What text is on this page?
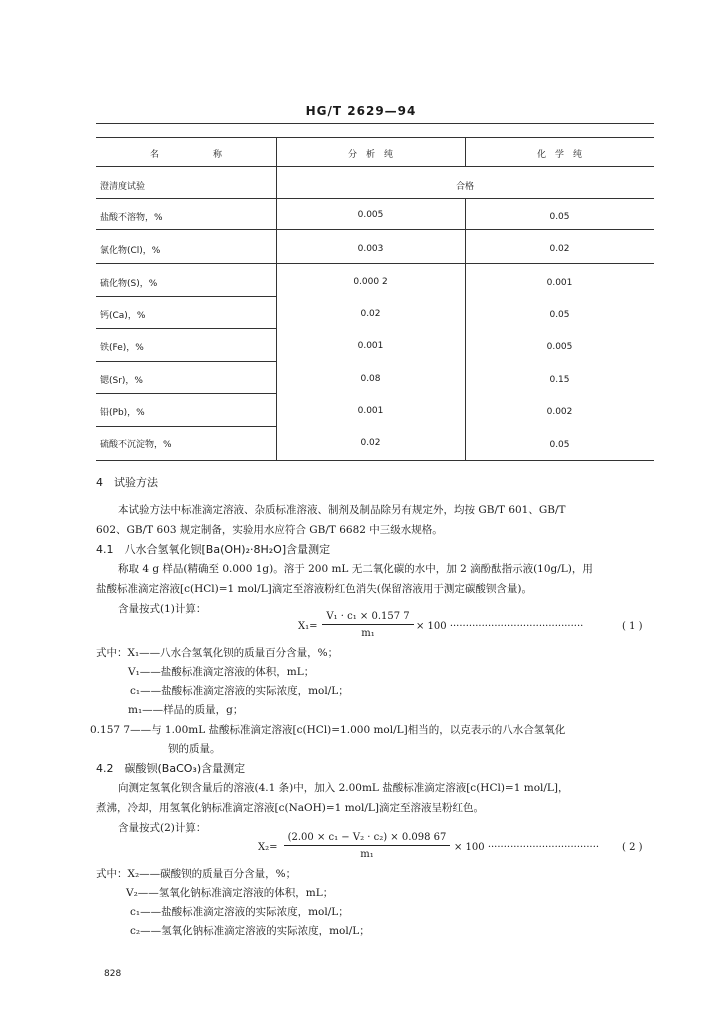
HG/T 2629—94
名　　　　　　称	分　析　纯	化　学　纯
澄清度试验	合格
盐酸不溶物，%	0.005	0.05
氯化物(Cl)，%	0.003	0.02
硫化物(S)，%	0.000 2	0.001
钙(Ca)，%	0.02	0.05
铁(Fe)，%	0.001	0.005
锶(Sr)，%	0.08	0.15
铅(Pb)，%	0.001	0.002
硫酸不沉淀物，%	0.02	0.05
4　试验方法
本试验方法中标准滴定溶液、杂质标准溶液、制剂及制品除另有规定外，均按 GB/T 601、GB/T
602、GB/T 603 规定制备，实验用水应符合 GB/T 6682 中三级水规格。
4.1　八水合氢氧化钡[Ba(OH)₂·8H₂O]含量测定
称取 4 g 样品(精确至 0.000 1g)。溶于 200 mL 无二氧化碳的水中，加 2 滴酚酞指示液(10g/L)，用
盐酸标准滴定溶液[c(HCl)=1 mol/L]滴定至溶液粉红色消失(保留溶液用于测定碳酸钡含量)。
含量按式(1)计算：
X₁=
V₁ · c₁ × 0.157 7
m₁
× 100 ··········································	( 1 )
式中：X₁——八水合氢氧化钡的质量百分含量，%；
V₁——盐酸标准滴定溶液的体积，mL；
c₁——盐酸标准滴定溶液的实际浓度，mol/L；
m₁——样品的质量，g；
0.157 7——与 1.00mL 盐酸标准滴定溶液[c(HCl)=1.000 mol/L]相当的，以克表示的八水合氢氧化
钡的质量。
4.2　碳酸钡(BaCO₃)含量测定
向测定氢氧化钡含量后的溶液(4.1 条)中，加入 2.00mL 盐酸标准滴定溶液[c(HCl)=1 mol/L]，
煮沸，冷却，用氢氧化钠标准滴定溶液[c(NaOH)=1 mol/L]滴定至溶液呈粉红色。
含量按式(2)计算：
X₂=
(2.00 × c₁ − V₂ · c₂) × 0.098 67
m₁
× 100 ··································· ( 2 )
式中：X₂——碳酸钡的质量百分含量，%；
V₂——氢氧化钠标准滴定溶液的体积，mL；
c₁——盐酸标准滴定溶液的实际浓度，mol/L；
c₂——氢氧化钠标准滴定溶液的实际浓度，mol/L；
828
